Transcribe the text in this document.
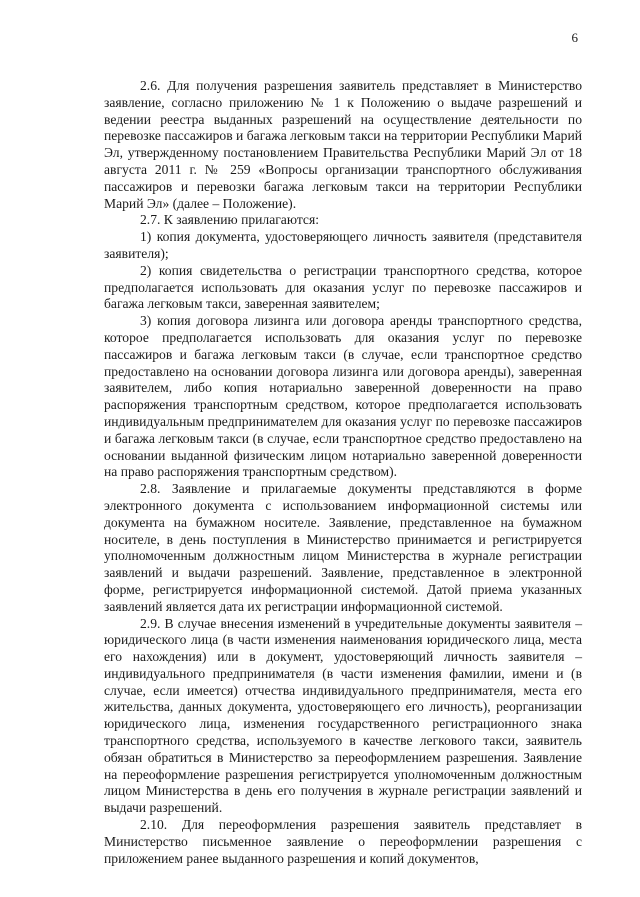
6

2.6. Для получения разрешения заявитель представляет в Министерство заявление, согласно приложению № 1 к Положению о выдаче разрешений и ведении реестра выданных разрешений на осуществление деятельности по перевозке пассажиров и багажа легковым такси на территории Республики Марий Эл, утвержденному постановлением Правительства Республики Марий Эл от 18 августа 2011 г. № 259 «Вопросы организации транспортного обслуживания пассажиров и перевозки багажа легковым такси на территории Республики Марий Эл» (далее – Положение).

2.7. К заявлению прилагаются:

1) копия документа, удостоверяющего личность заявителя (представителя заявителя);

2) копия свидетельства о регистрации транспортного средства, которое предполагается использовать для оказания услуг по перевозке пассажиров и багажа легковым такси, заверенная заявителем;

3) копия договора лизинга или договора аренды транспортного средства, которое предполагается использовать для оказания услуг по перевозке пассажиров и багажа легковым такси (в случае, если транспортное средство предоставлено на основании договора лизинга или договора аренды), заверенная заявителем, либо копия нотариально заверенной доверенности на право распоряжения транспортным средством, которое предполагается использовать индивидуальным предпринимателем для оказания услуг по перевозке пассажиров и багажа легковым такси (в случае, если транспортное средство предоставлено на основании выданной физическим лицом нотариально заверенной доверенности на право распоряжения транспортным средством).

2.8. Заявление и прилагаемые документы представляются в форме электронного документа с использованием информационной системы или документа на бумажном носителе. Заявление, представленное на бумажном носителе, в день поступления в Министерство принимается и регистрируется уполномоченным должностным лицом Министерства в журнале регистрации заявлений и выдачи разрешений. Заявление, представленное в электронной форме, регистрируется информационной системой. Датой приема указанных заявлений является дата их регистрации информационной системой.

2.9. В случае внесения изменений в учредительные документы заявителя – юридического лица (в части изменения наименования юридического лица, места его нахождения) или в документ, удостоверяющий личность заявителя – индивидуального предпринимателя (в части изменения фамилии, имени и (в случае, если имеется) отчества индивидуального предпринимателя, места его жительства, данных документа, удостоверяющего его личность), реорганизации юридического лица, изменения государственного регистрационного знака транспортного средства, используемого в качестве легкового такси, заявитель обязан обратиться в Министерство за переоформлением разрешения. Заявление на переоформление разрешения регистрируется уполномоченным должностным лицом Министерства в день его получения в журнале регистрации заявлений и выдачи разрешений.

2.10. Для переоформления разрешения заявитель представляет в Министерство письменное заявление о переоформлении разрешения с приложением ранее выданного разрешения и копий документов,
